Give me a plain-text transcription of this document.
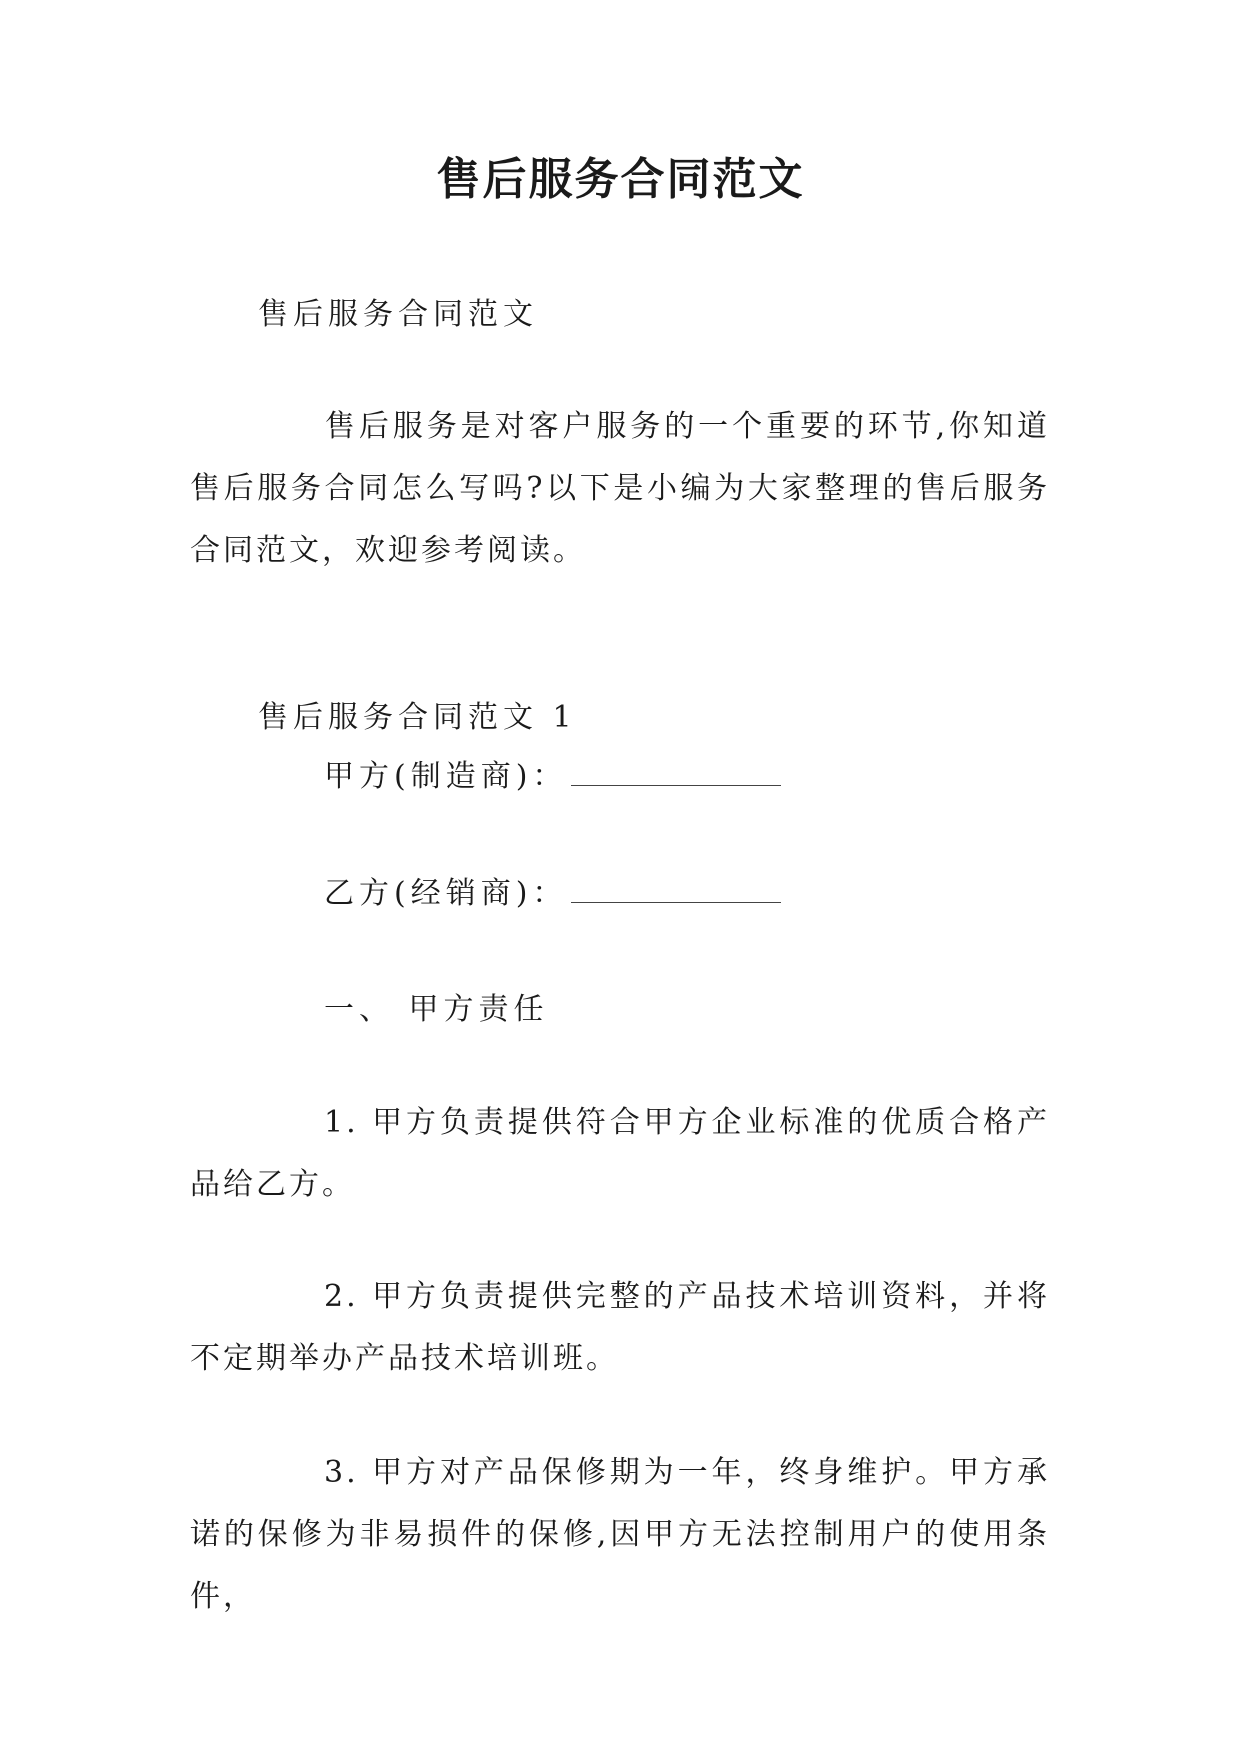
售后服务合同范文
售后服务合同范文
售后服务是对客户服务的一个重要的环节,你知道售后服务合同怎么写吗?以下是小编为大家整理的售后服务合同范文，欢迎参考阅读。
售后服务合同范文 1
甲方(制造商)：
乙方(经销商)：
一、 甲方责任
1. 甲方负责提供符合甲方企业标准的优质合格产品给乙方。
2. 甲方负责提供完整的产品技术培训资料，并将不定期举办产品技术培训班。
3. 甲方对产品保修期为一年，终身维护。甲方承诺的保修为非易损件的保修,因甲方无法控制用户的使用条件，
